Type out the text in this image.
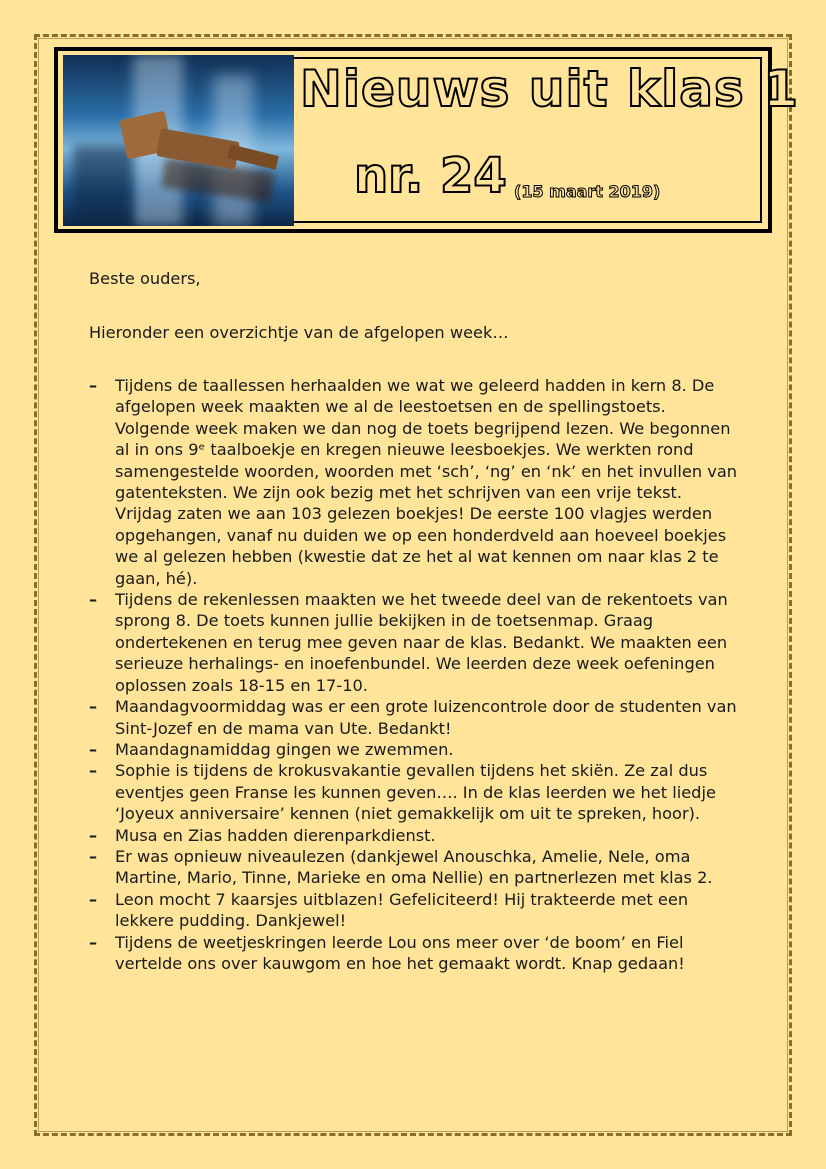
Nieuws uit klas 1
nr. 24 (15 maart 2019)
Beste ouders,
Hieronder een overzichtje van de afgelopen week…
– Tijdens de taallessen herhaalden we wat we geleerd hadden in kern 8. De afgelopen week maakten we al de leestoetsen en de spellingstoets. Volgende week maken we dan nog de toets begrijpend lezen. We begonnen al in ons 9ᵉ taalboekje en kregen nieuwe leesboekjes. We werkten rond samengestelde woorden, woorden met ‘sch’, ‘ng’ en ‘nk’ en het invullen van gatenteksten. We zijn ook bezig met het schrijven van een vrije tekst. Vrijdag zaten we aan 103 gelezen boekjes! De eerste 100 vlagjes werden opgehangen, vanaf nu duiden we op een honderdveld aan hoeveel boekjes we al gelezen hebben (kwestie dat ze het al wat kennen om naar klas 2 te gaan, hé).
– Tijdens de rekenlessen maakten we het tweede deel van de rekentoets van sprong 8. De toets kunnen jullie bekijken in de toetsenmap. Graag ondertekenen en terug mee geven naar de klas. Bedankt. We maakten een serieuze herhalings- en inoefenbundel. We leerden deze week oefeningen oplossen zoals 18-15 en 17-10.
– Maandagvoormiddag was er een grote luizencontrole door de studenten van Sint-Jozef en de mama van Ute. Bedankt!
– Maandagnamiddag gingen we zwemmen.
– Sophie is tijdens de krokusvakantie gevallen tijdens het skiën. Ze zal dus eventjes geen Franse les kunnen geven…. In de klas leerden we het liedje ‘Joyeux anniversaire’ kennen (niet gemakkelijk om uit te spreken, hoor).
– Musa en Zias hadden dierenparkdienst.
– Er was opnieuw niveaulezen (dankjewel Anouschka, Amelie, Nele, oma Martine, Mario, Tinne, Marieke en oma Nellie) en partnerlezen met klas 2.
– Leon mocht 7 kaarsjes uitblazen! Gefeliciteerd! Hij trakteerde met een lekkere pudding. Dankjewel!
– Tijdens de weetjeskringen leerde Lou ons meer over ‘de boom’ en Fiel vertelde ons over kauwgom en hoe het gemaakt wordt. Knap gedaan!
